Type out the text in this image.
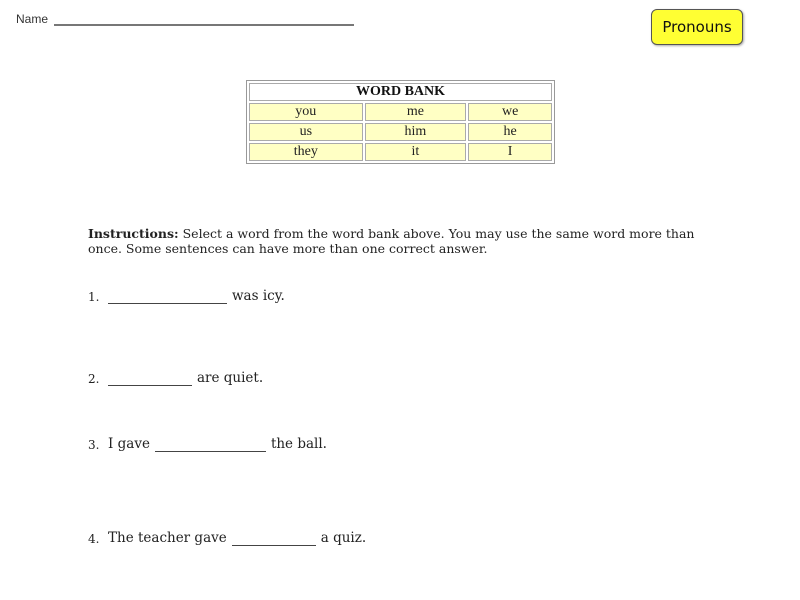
Name	Pronouns
WORD BANK		
you	me	we
us	him	he
they	it	I
Instructions: Select a word from the word bank above. You may use the same word more than once. Some sentences can have more than one correct answer.
1.	was icy.
2.	are quiet.
3. I gave	the ball.
4. The teacher gave	a quiz.
